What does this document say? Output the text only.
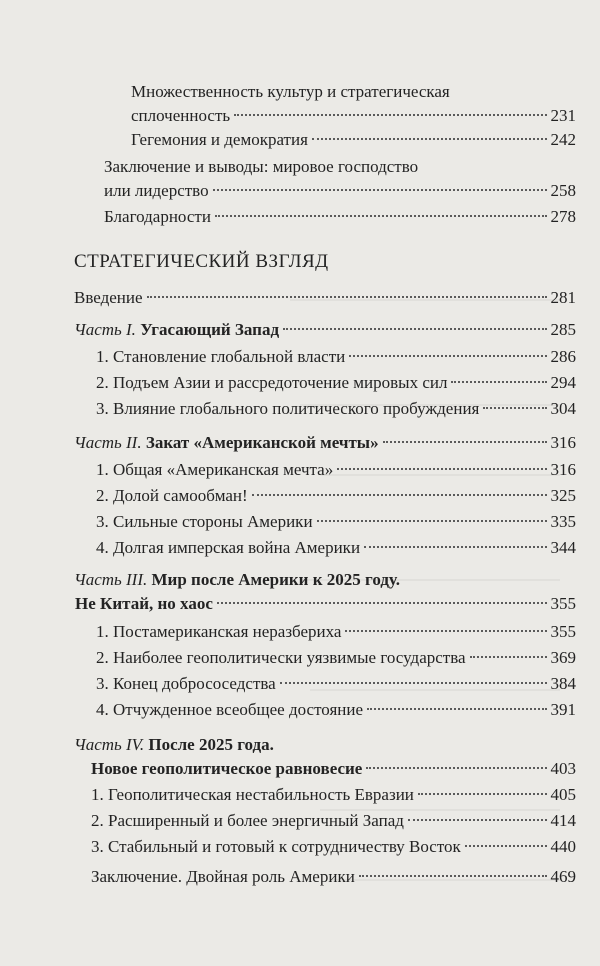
Множественность культур и стратегическая
сплоченность	231
Гегемония и демократия	242
Заключение и выводы: мировое господство
или лидерство	258
Благодарности	278
СТРАТЕГИЧЕСКИЙ ВЗГЛЯД
Введение	281
Часть I. Угасающий Запад	285
1. Становление глобальной власти	286
2. Подъем Азии и рассредоточение мировых сил	294
3. Влияние глобального политического пробуждения	304
Часть II. Закат «Американской мечты»	316
1. Общая «Американская мечта»	316
2. Долой самообман!	325
3. Сильные стороны Америки	335
4. Долгая имперская война Америки	344
Часть III. Мир после Америки к 2025 году.
Не Китай, но хаос	355
1. Постамериканская неразбериха	355
2. Наиболее геополитически уязвимые государства	369
3. Конец добрососедства	384
4. Отчужденное всеобщее достояние	391
Часть IV. После 2025 года.
Новое геополитическое равновесие	403
1. Геополитическая нестабильность Евразии	405
2. Расширенный и более энергичный Запад	414
3. Стабильный и готовый к сотрудничеству Восток	440
Заключение. Двойная роль Америки	469
